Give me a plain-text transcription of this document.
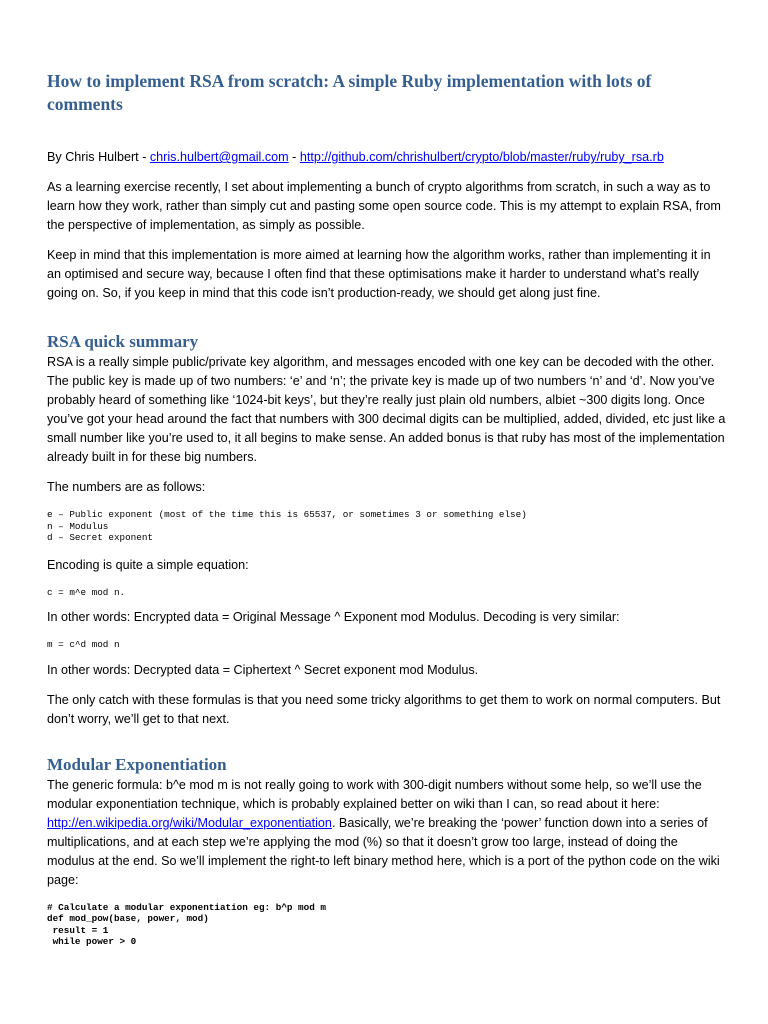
How to implement RSA from scratch: A simple Ruby implementation with lots of comments
By Chris Hulbert - chris.hulbert@gmail.com - http://github.com/chrishulbert/crypto/blob/master/ruby/ruby_rsa.rb

As a learning exercise recently, I set about implementing a bunch of crypto algorithms from scratch, in such a way as to learn how they work, rather than simply cut and pasting some open source code. This is my attempt to explain RSA, from the perspective of implementation, as simply as possible.

Keep in mind that this implementation is more aimed at learning how the algorithm works, rather than implementing it in an optimised and secure way, because I often find that these optimisations make it harder to understand what’s really going on. So, if you keep in mind that this code isn’t production-ready, we should get along just fine.

RSA quick summary

RSA is a really simple public/private key algorithm, and messages encoded with one key can be decoded with the other. The public key is made up of two numbers: ‘e’ and ‘n’; the private key is made up of two numbers ‘n’ and ‘d’. Now you’ve probably heard of something like ‘1024-bit keys’, but they’re really just plain old numbers, albiet ~300 digits long. Once you’ve got your head around the fact that numbers with 300 decimal digits can be multiplied, added, divided, etc just like a small number like you’re used to, it all begins to make sense. An added bonus is that ruby has most of the implementation already built in for these big numbers.

The numbers are as follows:

e – Public exponent (most of the time this is 65537, or sometimes 3 or something else)
n – Modulus
d – Secret exponent

Encoding is quite a simple equation:

c = m^e mod n.

In other words: Encrypted data = Original Message ^ Exponent mod Modulus. Decoding is very similar:

m = c^d mod n

In other words: Decrypted data = Ciphertext ^ Secret exponent mod Modulus.

The only catch with these formulas is that you need some tricky algorithms to get them to work on normal computers. But don’t worry, we’ll get to that next.

Modular Exponentiation

The generic formula: b^e mod m is not really going to work with 300-digit numbers without some help, so we’ll use the modular exponentiation technique, which is probably explained better on wiki than I can, so read about it here: http://en.wikipedia.org/wiki/Modular_exponentiation. Basically, we’re breaking the ‘power’ function down into a series of multiplications, and at each step we’re applying the mod (%) so that it doesn’t grow too large, instead of doing the modulus at the end. So we’ll implement the right-to left binary method here, which is a port of the python code on the wiki page:

# Calculate a modular exponentiation eg: b^p mod m
def mod_pow(base, power, mod)
result = 1
while power > 0
